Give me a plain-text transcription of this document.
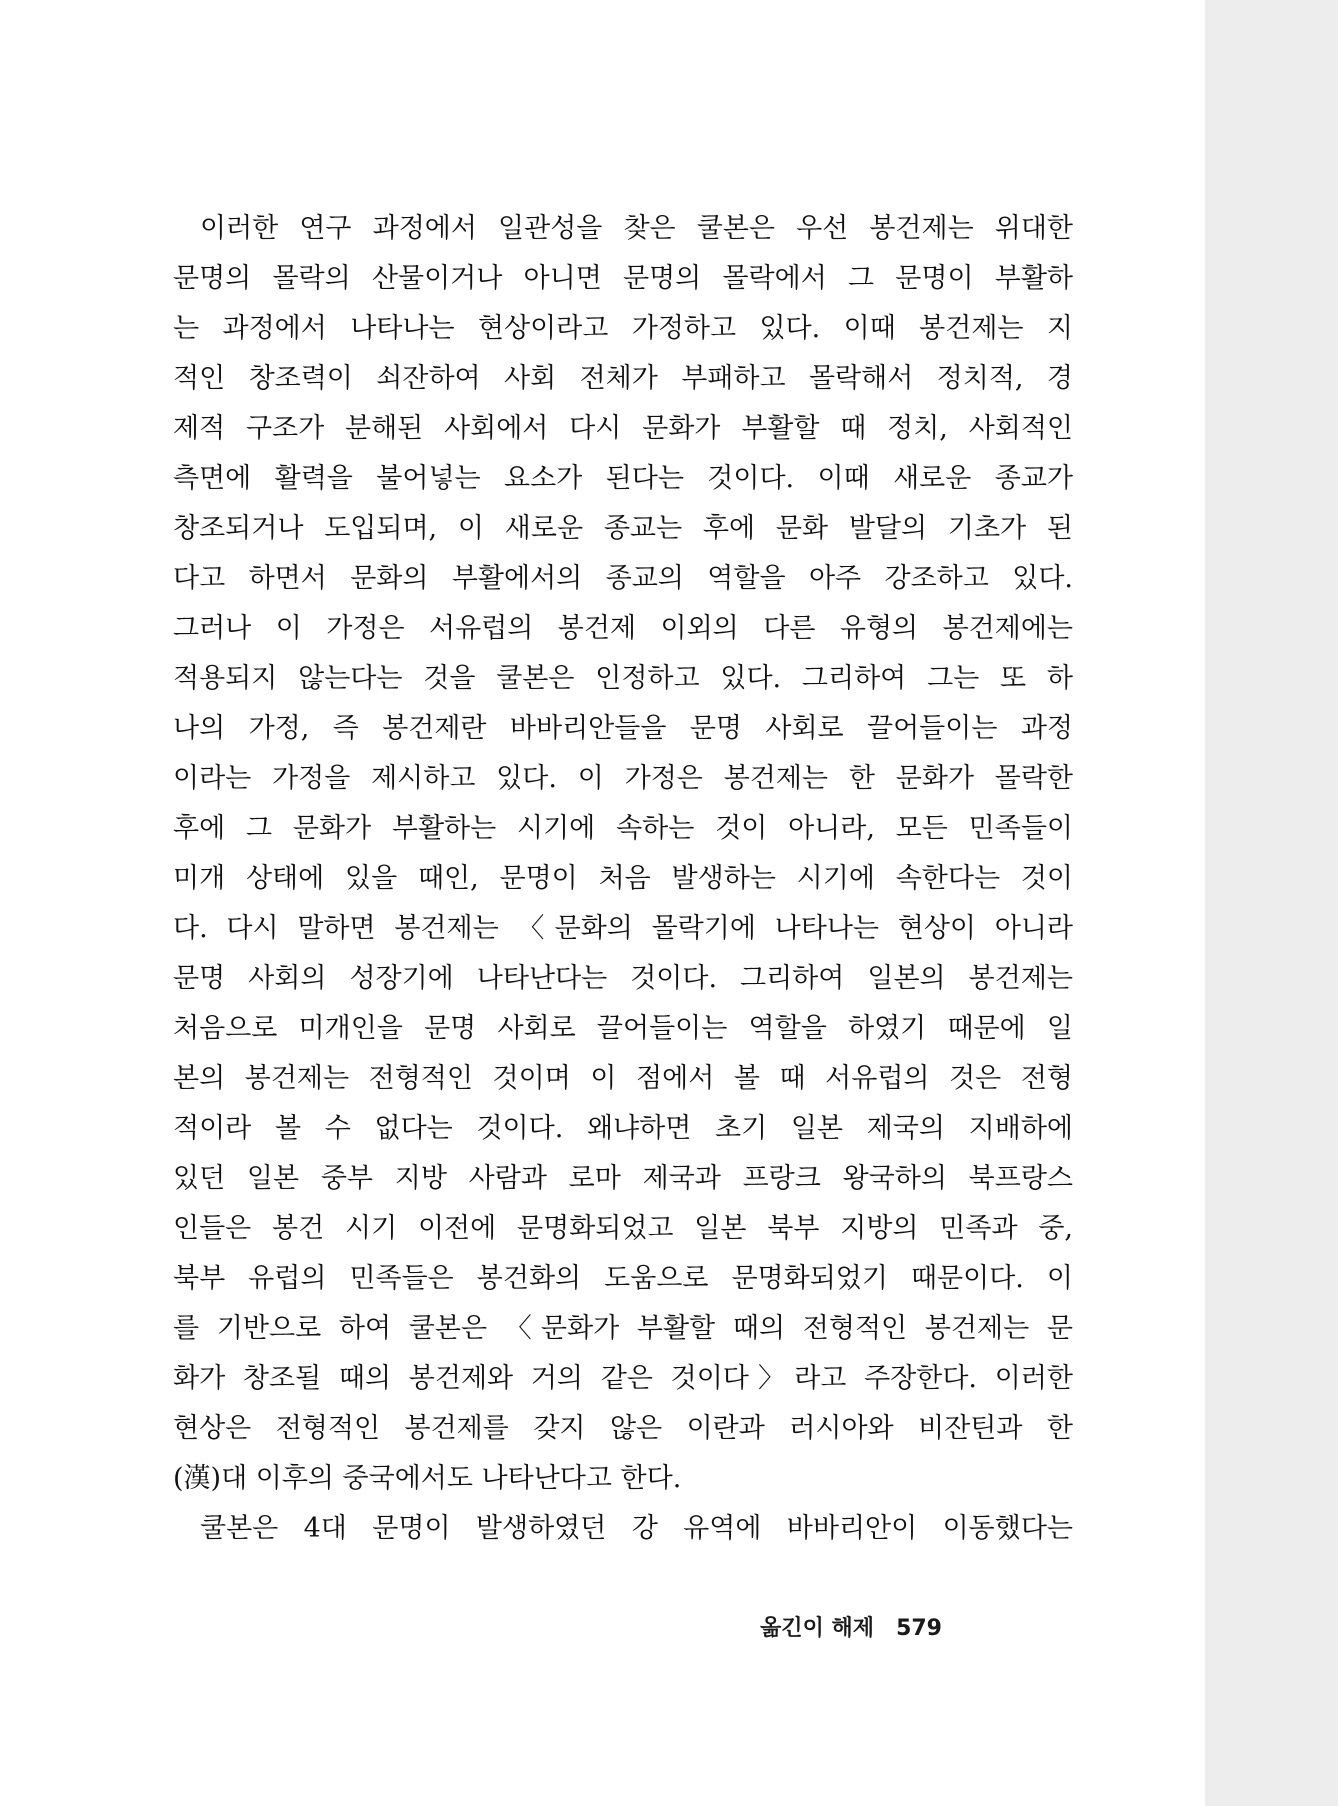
이러한 연구 과정에서 일관성을 찾은 쿨본은 우선 봉건제는 위대한
문명의 몰락의 산물이거나 아니면 문명의 몰락에서 그 문명이 부활하
는 과정에서 나타나는 현상이라고 가정하고 있다. 이때 봉건제는 지
적인 창조력이 쇠잔하여 사회 전체가 부패하고 몰락해서 정치적, 경
제적 구조가 분해된 사회에서 다시 문화가 부활할 때 정치, 사회적인
측면에 활력을 불어넣는 요소가 된다는 것이다. 이때 새로운 종교가
창조되거나 도입되며, 이 새로운 종교는 후에 문화 발달의 기초가 된
다고 하면서 문화의 부활에서의 종교의 역할을 아주 강조하고 있다.
그러나 이 가정은 서유럽의 봉건제 이외의 다른 유형의 봉건제에는
적용되지 않는다는 것을 쿨본은 인정하고 있다. 그리하여 그는 또 하
나의 가정, 즉 봉건제란 바바리안들을 문명 사회로 끌어들이는 과정
이라는 가정을 제시하고 있다. 이 가정은 봉건제는 한 문화가 몰락한
후에 그 문화가 부활하는 시기에 속하는 것이 아니라, 모든 민족들이
미개 상태에 있을 때인, 문명이 처음 발생하는 시기에 속한다는 것이
다. 다시 말하면 봉건제는 〈문화의 몰락기에 나타나는 현상이 아니라
문명 사회의 성장기에 나타난다는 것이다. 그리하여 일본의 봉건제는
처음으로 미개인을 문명 사회로 끌어들이는 역할을 하였기 때문에 일
본의 봉건제는 전형적인 것이며 이 점에서 볼 때 서유럽의 것은 전형
적이라 볼 수 없다는 것이다. 왜냐하면 초기 일본 제국의 지배하에
있던 일본 중부 지방 사람과 로마 제국과 프랑크 왕국하의 북프랑스
인들은 봉건 시기 이전에 문명화되었고 일본 북부 지방의 민족과 중,
북부 유럽의 민족들은 봉건화의 도움으로 문명화되었기 때문이다. 이
를 기반으로 하여 쿨본은 〈문화가 부활할 때의 전형적인 봉건제는 문
화가 창조될 때의 봉건제와 거의 같은 것이다〉라고 주장한다. 이러한
현상은 전형적인 봉건제를 갖지 않은 이란과 러시아와 비잔틴과 한
(漢)대 이후의 중국에서도 나타난다고 한다.
쿨본은 4대 문명이 발생하였던 강 유역에 바바리안이 이동했다는
옮긴이 해제 579
